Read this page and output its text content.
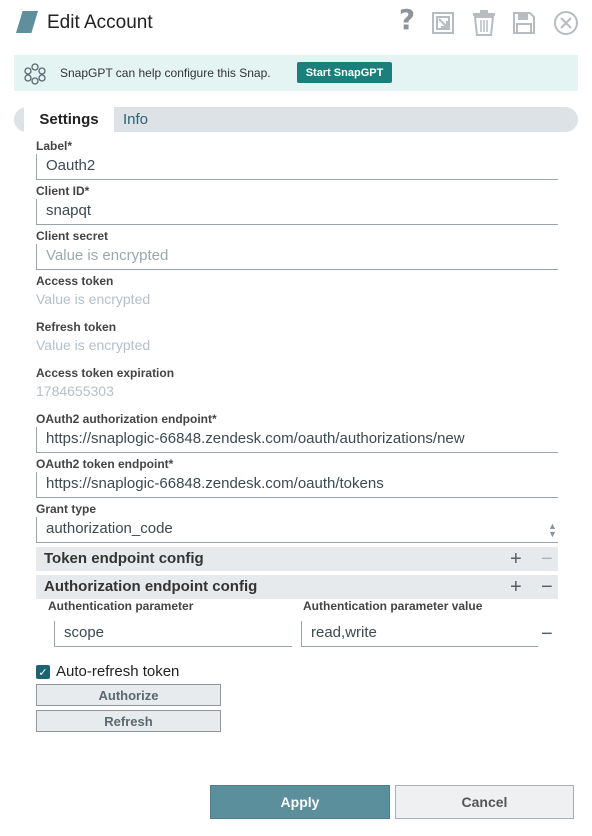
Edit Account	?
SnapGPT can help configure this Snap.	Start SnapGPT
Settings	Info
Label*
Oauth2
Client ID*
snapqt
Client secret
Value is encrypted
Access token
Value is encrypted
Refresh token
Value is encrypted
Access token expiration
1784655303
OAuth2 authorization endpoint*
https://snaplogic-66848.zendesk.com/oauth/authorizations/new
OAuth2 token endpoint*
https://snaplogic-66848.zendesk.com/oauth/tokens
Grant type
authorization_code	▲
▼
Token endpoint config	+ −
Authorization endpoint config	+ −
Authentication parameter	Authentication parameter value
scope	read,write	−
✓ Auto-refresh token
Authorize
Refresh
Apply	Cancel
